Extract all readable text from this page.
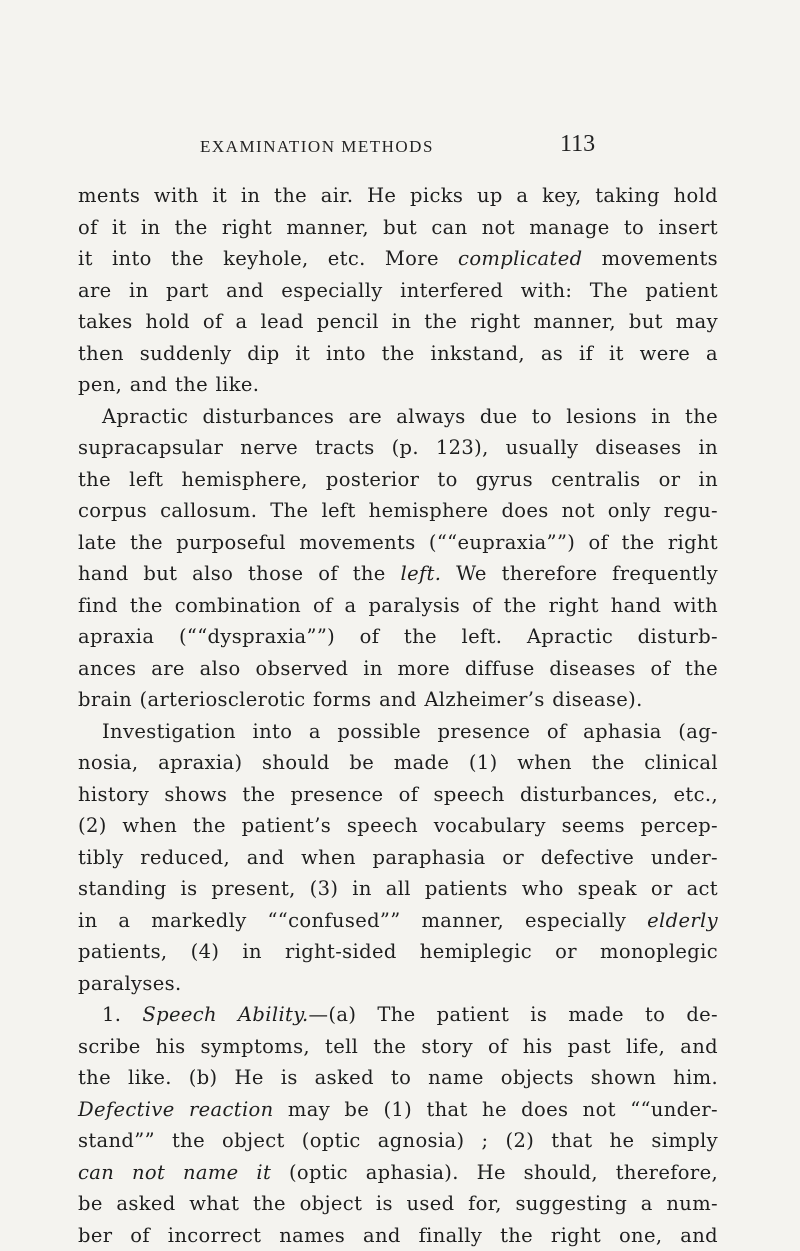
EXAMINATION METHODS	113
ments with it in the air. He picks up a key, taking hold
of it in the right manner, but can not manage to insert
it into the keyhole, etc. More complicated movements
are in part and especially interfered with: The patient
takes hold of a lead pencil in the right manner, but may
then suddenly dip it into the inkstand, as if it were a
pen, and the like.
Apractic disturbances are always due to lesions in the
supracapsular nerve tracts (p. 123), usually diseases in
the left hemisphere, posterior to gyrus centralis or in
corpus callosum. The left hemisphere does not only regu-
late the purposeful movements (““eupraxia””) of the right
hand but also those of the left. We therefore frequently
find the combination of a paralysis of the right hand with
apraxia (““dyspraxia””) of the left. Apractic disturb-
ances are also observed in more diffuse diseases of the
brain (arteriosclerotic forms and Alzheimer’s disease).
Investigation into a possible presence of aphasia (ag-
nosia, apraxia) should be made (1) when the clinical
history shows the presence of speech disturbances, etc.,
(2) when the patient’s speech vocabulary seems percep-
tibly reduced, and when paraphasia or defective under-
standing is present, (3) in all patients who speak or act
in a markedly ““confused”” manner, especially elderly
patients, (4) in right-sided hemiplegic or monoplegic
paralyses.
1. Speech Ability.—(a) The patient is made to de-
scribe his symptoms, tell the story of his past life, and
the like. (b) He is asked to name objects shown him.
Defective reaction may be (1) that he does not ““under-
stand”” the object (optic agnosia) ; (2) that he simply
can not name it (optic aphasia). He should, therefore,
be asked what the object is used for, suggesting a num-
ber of incorrect names and finally the right one, and
